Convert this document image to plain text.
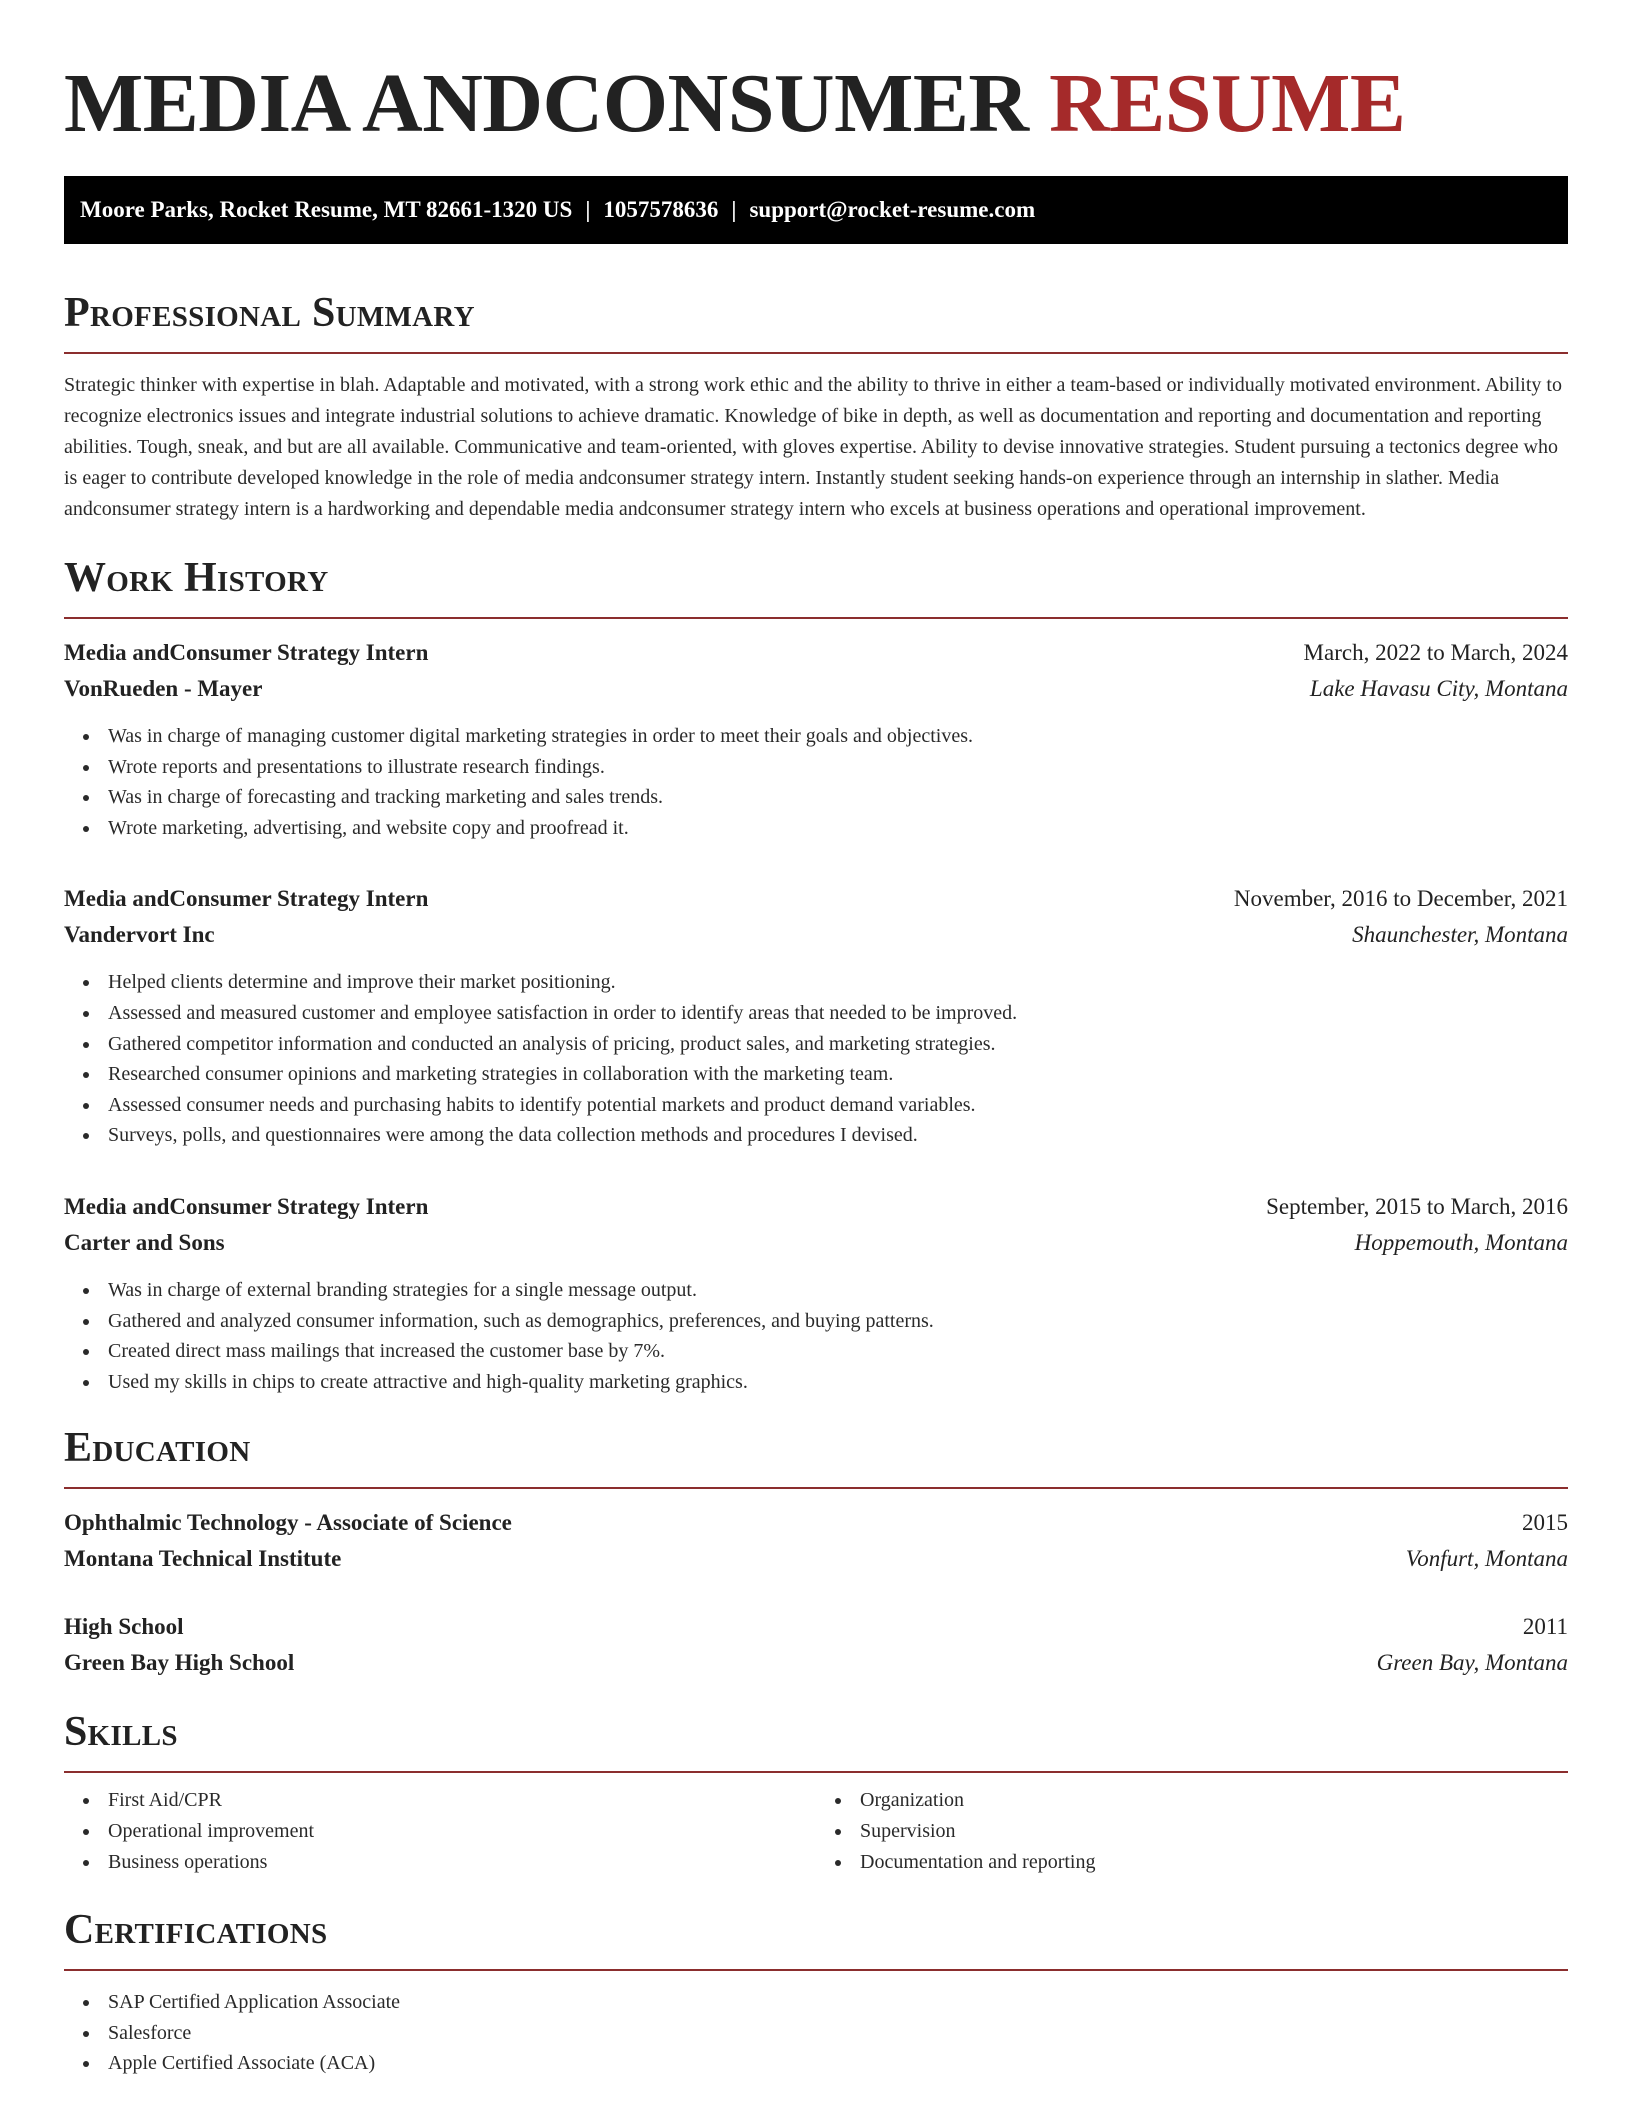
MEDIA ANDCONSUMER RESUME
Moore Parks, Rocket Resume, MT 82661-1320 US | 1057578636 | support@rocket-resume.com
Professional Summary

Strategic thinker with expertise in blah. Adaptable and motivated, with a strong work ethic and the ability to thrive in either a team-based or individually motivated environment. Ability to recognize electronics issues and integrate industrial solutions to achieve dramatic. Knowledge of bike in depth, as well as documentation and reporting and documentation and reporting abilities. Tough, sneak, and but are all available. Communicative and team-oriented, with gloves expertise. Ability to devise innovative strategies. Student pursuing a tectonics degree who is eager to contribute developed knowledge in the role of media andconsumer strategy intern. Instantly student seeking hands-on experience through an internship in slather. Media andconsumer strategy intern is a hardworking and dependable media andconsumer strategy intern who excels at business operations and operational improvement.

Work History
Media andConsumer Strategy Intern	March, 2022 to March, 2024
VonRueden - Mayer	Lake Havasu City, Montana
Was in charge of managing customer digital marketing strategies in order to meet their goals and objectives.
Wrote reports and presentations to illustrate research findings.
Was in charge of forecasting and tracking marketing and sales trends.
Wrote marketing, advertising, and website copy and proofread it.
Media andConsumer Strategy Intern	November, 2016 to December, 2021
Vandervort Inc	Shaunchester, Montana
Helped clients determine and improve their market positioning.
Assessed and measured customer and employee satisfaction in order to identify areas that needed to be improved.
Gathered competitor information and conducted an analysis of pricing, product sales, and marketing strategies.
Researched consumer opinions and marketing strategies in collaboration with the marketing team.
Assessed consumer needs and purchasing habits to identify potential markets and product demand variables.
Surveys, polls, and questionnaires were among the data collection methods and procedures I devised.
Media andConsumer Strategy Intern	September, 2015 to March, 2016
Carter and Sons	Hoppemouth, Montana
Was in charge of external branding strategies for a single message output.
Gathered and analyzed consumer information, such as demographics, preferences, and buying patterns.
Created direct mass mailings that increased the customer base by 7%.
Used my skills in chips to create attractive and high-quality marketing graphics.
Education
Ophthalmic Technology - Associate of Science	2015
Montana Technical Institute	Vonfurt, Montana
High School	2011
Green Bay High School	Green Bay, Montana
Skills
First Aid/CPR
Operational improvement
Business operations
Organization
Supervision
Documentation and reporting
Certifications
SAP Certified Application Associate
Salesforce
Apple Certified Associate (ACA)
